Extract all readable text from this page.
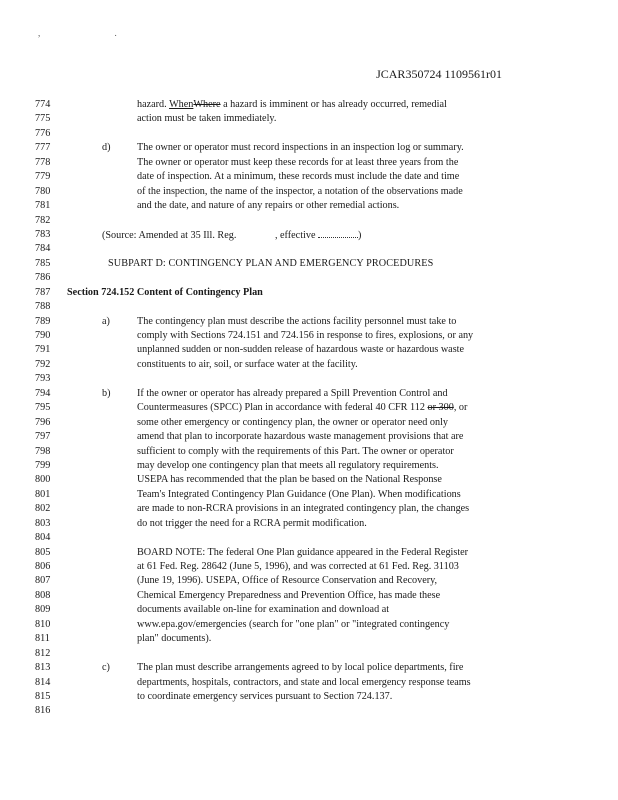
, .
JCAR350724 1109561r01
774	hazard. WhenWhere a hazard is imminent or has already occurred, remedial
775	action must be taken immediately.
776
777	d)	The owner or operator must record inspections in an inspection log or summary.
778	The owner or operator must keep these records for at least three years from the
779	date of inspection. At a minimum, these records must include the date and time
780	of the inspection, the name of the inspector, a notation of the observations made
781	and the date, and nature of any repairs or other remedial actions.
782
783	(Source: Amended at 35 Ill. Reg.	, effective	)
784
785	SUBPART D: CONTINGENCY PLAN AND EMERGENCY PROCEDURES
786
787	Section 724.152 Content of Contingency Plan
788
789	a)	The contingency plan must describe the actions facility personnel must take to
790	comply with Sections 724.151 and 724.156 in response to fires, explosions, or any
791	unplanned sudden or non-sudden release of hazardous waste or hazardous waste
792	constituents to air, soil, or surface water at the facility.
793
794	b)	If the owner or operator has already prepared a Spill Prevention Control and
795	Countermeasures (SPCC) Plan in accordance with federal 40 CFR 112 or 300, or
796	some other emergency or contingency plan, the owner or operator need only
797	amend that plan to incorporate hazardous waste management provisions that are
798	sufficient to comply with the requirements of this Part. The owner or operator
799	may develop one contingency plan that meets all regulatory requirements.
800	USEPA has recommended that the plan be based on the National Response
801	Team's Integrated Contingency Plan Guidance (One Plan). When modifications
802	are made to non-RCRA provisions in an integrated contingency plan, the changes
803	do not trigger the need for a RCRA permit modification.
804
805	BOARD NOTE: The federal One Plan guidance appeared in the Federal Register
806	at 61 Fed. Reg. 28642 (June 5, 1996), and was corrected at 61 Fed. Reg. 31103
807	(June 19, 1996). USEPA, Office of Resource Conservation and Recovery,
808	Chemical Emergency Preparedness and Prevention Office, has made these
809	documents available on-line for examination and download at
810	www.epa.gov/emergencies (search for "one plan" or "integrated contingency
811	plan" documents).
812
813	c)	The plan must describe arrangements agreed to by local police departments, fire
814	departments, hospitals, contractors, and state and local emergency response teams
815	to coordinate emergency services pursuant to Section 724.137.
816
